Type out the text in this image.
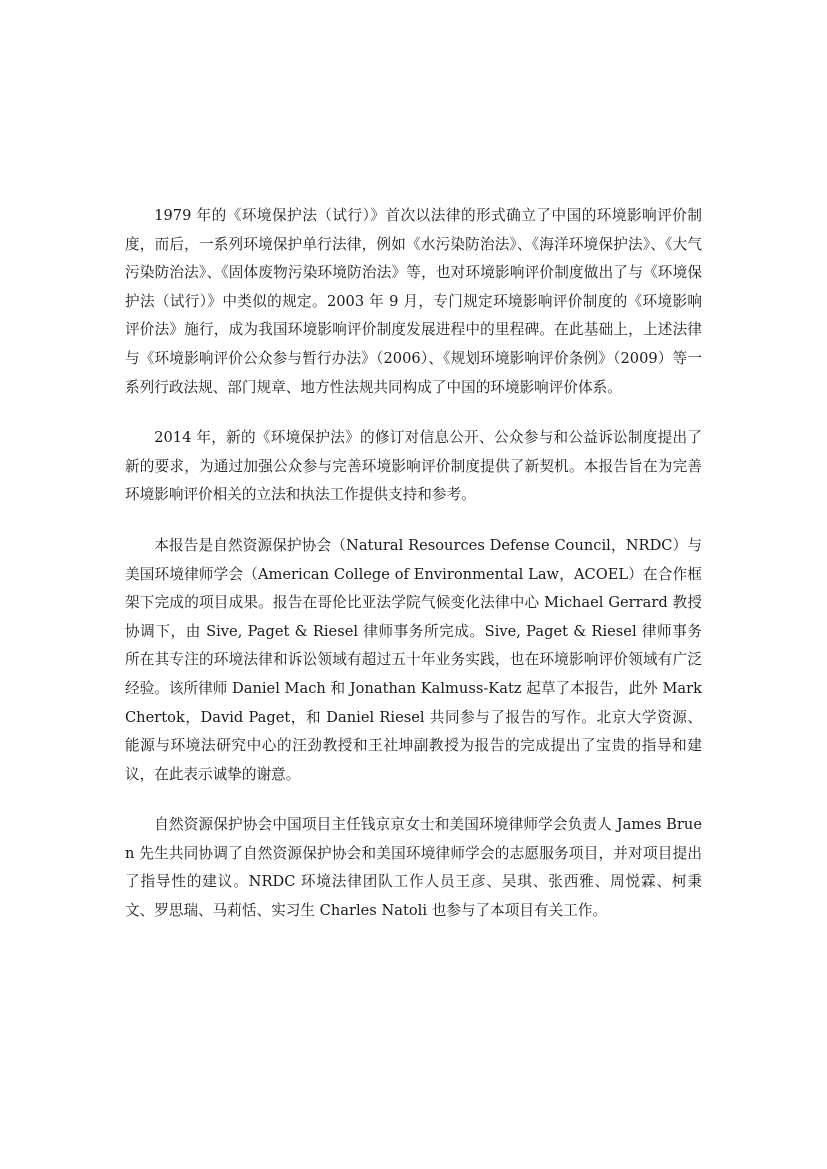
1979 年的《环境保护法（试行）》首次以法律的形式确立了中国的环境影响评价制度，而后，一系列环境保护单行法律，例如《水污染防治法》、《海洋环境保护法》、《大气污染防治法》、《固体废物污染环境防治法》等，也对环境影响评价制度做出了与《环境保护法（试行）》中类似的规定。2003 年 9 月，专门规定环境影响评价制度的《环境影响评价法》施行，成为我国环境影响评价制度发展进程中的里程碑。在此基础上，上述法律与《环境影响评价公众参与暂行办法》（2006）、《规划环境影响评价条例》（2009）等一系列行政法规、部门规章、地方性法规共同构成了中国的环境影响评价体系。

2014 年，新的《环境保护法》的修订对信息公开、公众参与和公益诉讼制度提出了新的要求，为通过加强公众参与完善环境影响评价制度提供了新契机。本报告旨在为完善环境影响评价相关的立法和执法工作提供支持和参考。

本报告是自然资源保护协会（Natural Resources Defense Council，NRDC）与美国环境律师学会（American College of Environmental Law，ACOEL）在合作框架下完成的项目成果。报告在哥伦比亚法学院气候变化法律中心 Michael Gerrard 教授协调下，由 Sive, Paget & Riesel 律师事务所完成。Sive, Paget & Riesel 律师事务所在其专注的环境法律和诉讼领域有超过五十年业务实践，也在环境影响评价领域有广泛经验。该所律师 Daniel Mach 和 Jonathan Kalmuss-Katz 起草了本报告，此外 Mark Chertok，David Paget，和 Daniel Riesel 共同参与了报告的写作。北京大学资源、能源与环境法研究中心的汪劲教授和王社坤副教授为报告的完成提出了宝贵的指导和建议，在此表示诚挚的谢意。

自然资源保护协会中国项目主任钱京京女士和美国环境律师学会负责人 James Bruen 先生共同协调了自然资源保护协会和美国环境律师学会的志愿服务项目，并对项目提出了指导性的建议。NRDC 环境法律团队工作人员王彦、吴琪、张西雅、周悦霖、柯秉文、罗思瑞、马莉恬、实习生 Charles Natoli 也参与了本项目有关工作。
